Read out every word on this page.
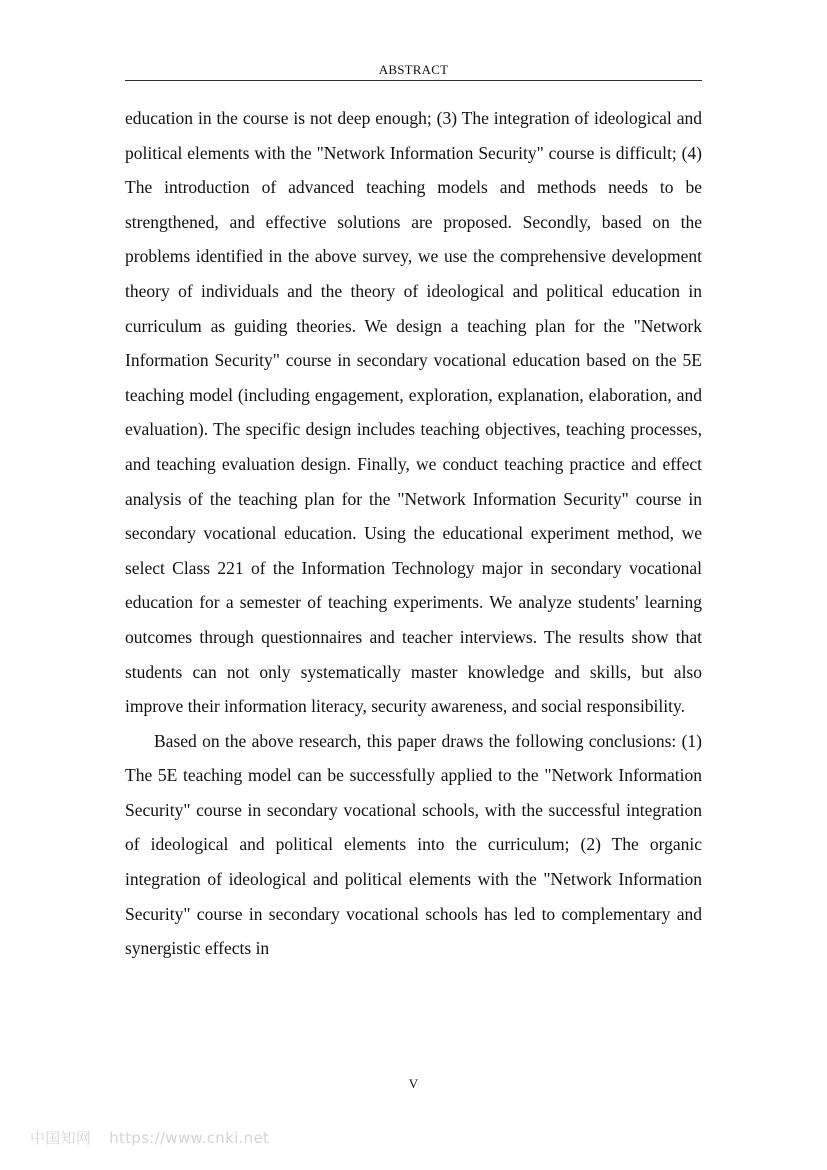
ABSTRACT

education in the course is not deep enough; (3) The integration of ideological and political elements with the "Network Information Security" course is difficult; (4) The introduction of advanced teaching models and methods needs to be strengthened, and effective solutions are proposed. Secondly, based on the problems identified in the above survey, we use the comprehensive development theory of individuals and the theory of ideological and political education in curriculum as guiding theories. We design a teaching plan for the "Network Information Security" course in secondary vocational education based on the 5E teaching model (including engagement, exploration, explanation, elaboration, and evaluation). The specific design includes teaching objectives, teaching processes, and teaching evaluation design. Finally, we conduct teaching practice and effect analysis of the teaching plan for the "Network Information Security" course in secondary vocational education. Using the educational experiment method, we select Class 221 of the Information Technology major in secondary vocational education for a semester of teaching experiments. We analyze students' learning outcomes through questionnaires and teacher interviews. The results show that students can not only systematically master knowledge and skills, but also improve their information literacy, security awareness, and social responsibility.

Based on the above research, this paper draws the following conclusions: (1) The 5E teaching model can be successfully applied to the "Network Information Security" course in secondary vocational schools, with the successful integration of ideological and political elements into the curriculum; (2) The organic integration of ideological and political elements with the "Network Information Security" course in secondary vocational schools has led to complementary and synergistic effects in

V
中国知网 https://www.cnki.net
